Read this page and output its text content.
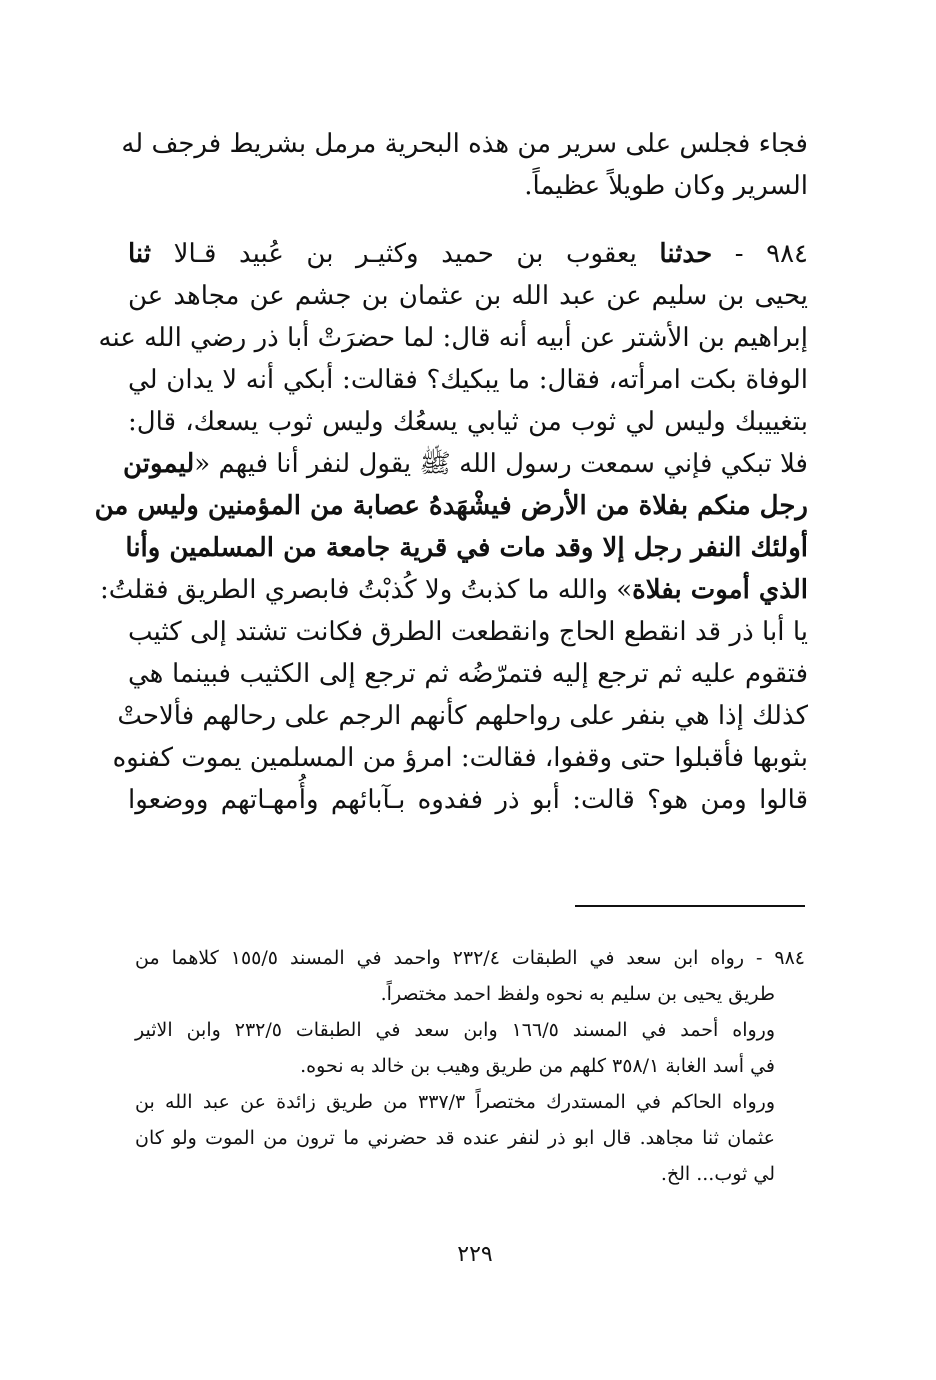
فجاء فجلس على سرير من هذه البحرية مرمل بشريط فرجف له
السرير وكان طويلاً عظيماً.
٩٨٤ - حدثنا يعقوب بن حميد وكثيـر بن عُبيد قـالا ثنا
يحيى بن سليم عن عبد الله بن عثمان بن جشم عن مجاهد عن
إبراهيم بن الأشتر عن أبيه أنه قال: لما حضرَتْ أبا ذر رضي الله عنه
الوفاة بكت امرأته، فقال: ما يبكيك؟ فقالت: أبكي أنه لا يدان لي
بتغييبك وليس لي ثوب من ثيابي يسعُك وليس ثوب يسعك، قال:
فلا تبكي فإني سمعت رسول الله ﷺ يقول لنفر أنا فيهم «ليموتن
رجل منكم بفلاة من الأرض فيشْهَدهُ عصابة من المؤمنين وليس من
أولئك النفر رجل إلا وقد مات في قرية جامعة من المسلمين وأنا
الذي أموت بفلاة» والله ما كذبتُ ولا كُذبْتُ فابصري الطريق فقلتُ:
يا أبا ذر قد انقطع الحاج وانقطعت الطرق فكانت تشتد إلى كثيب
فتقوم عليه ثم ترجع إليه فتمرّضُه ثم ترجع إلى الكثيب فبينما هي
كذلك إذا هي بنفر على رواحلهم كأنهم الرجم على رحالهم فألاحتْ
بثوبها فأقبلوا حتى وقفوا، فقالت: امرؤ من المسلمين يموت كفنوه
قالوا ومن هو؟ قالت: أبو ذر ففدوه بـآبائهم وأُمهـاتهم ووضعوا
٩٨٤ - رواه ابن سعد في الطبقات ٢٣٢/٤ واحمد في المسند ١٥٥/٥ كلاهما من
طريق يحيى بن سليم به نحوه ولفظ احمد مختصراً.
ورواه أحمد في المسند ١٦٦/٥ وابن سعد في الطبقات ٢٣٢/٥ وابن الاثير
في أسد الغابة ٣٥٨/١ كلهم من طريق وهيب بن خالد به نحوه.
ورواه الحاكم في المستدرك مختصراً ٣٣٧/٣ من طريق زائدة عن عبد الله بن
عثمان ثنا مجاهد. قال ابو ذر لنفر عنده قد حضرني ما ترون من الموت ولو كان
لي ثوب... الخ.
٢٢٩
